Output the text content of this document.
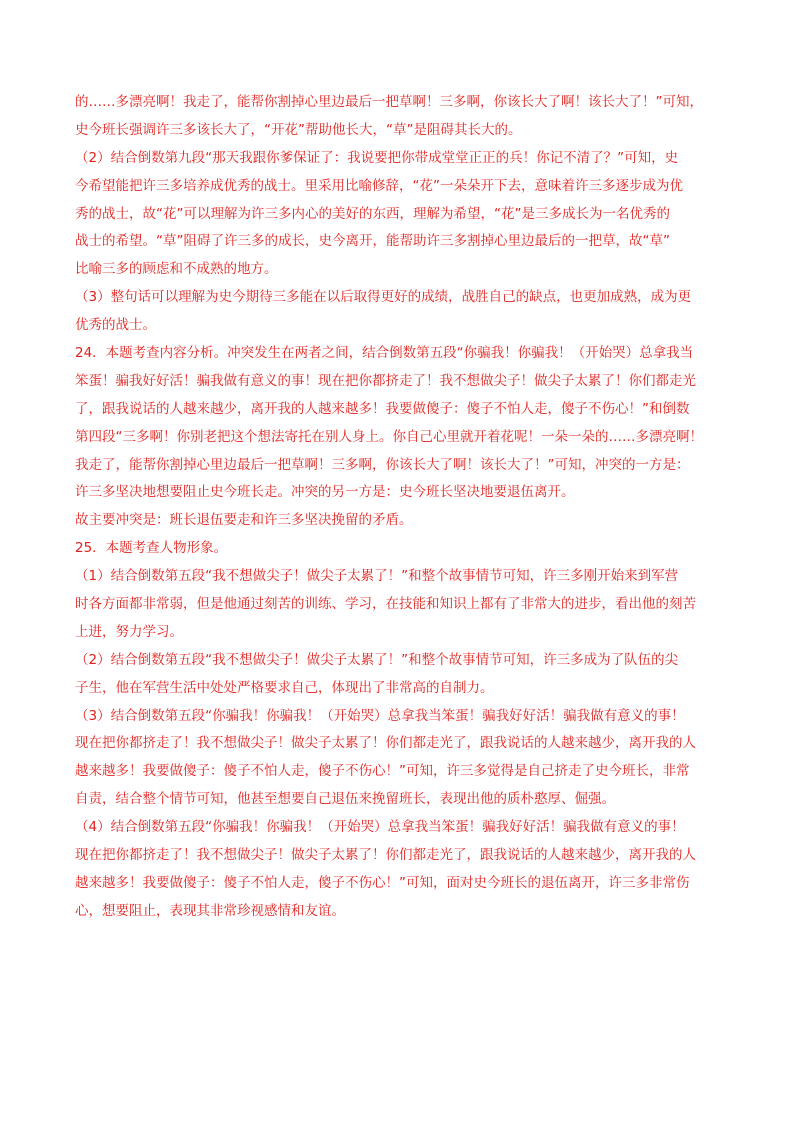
的……多漂亮啊！我走了，能帮你割掉心里边最后一把草啊！三多啊，你该长大了啊！该长大了！”可知，
史今班长强调许三多该长大了，“开花”帮助他长大，“草”是阻碍其长大的。
（2）结合倒数第九段“那天我跟你爹保证了：我说要把你带成堂堂正正的兵！你记不清了？”可知，史
今希望能把许三多培养成优秀的战士。里采用比喻修辞，“花”一朵朵开下去，意味着许三多逐步成为优
秀的战士，故“花”可以理解为许三多内心的美好的东西，理解为希望，“花”是三多成长为一名优秀的
战士的希望。“草”阻碍了许三多的成长，史今离开，能帮助许三多割掉心里边最后的一把草，故“草”
比喻三多的顾虑和不成熟的地方。
（3）整句话可以理解为史今期待三多能在以后取得更好的成绩，战胜自己的缺点，也更加成熟，成为更
优秀的战士。
24．本题考查内容分析。冲突发生在两者之间，结合倒数第五段“你骗我！你骗我！（开始哭）总拿我当
笨蛋！骗我好好活！骗我做有意义的事！现在把你都挤走了！我不想做尖子！做尖子太累了！你们都走光
了，跟我说话的人越来越少，离开我的人越来越多！我要做傻子：傻子不怕人走，傻子不伤心！”和倒数
第四段“三多啊！你别老把这个想法寄托在别人身上。你自己心里就开着花呢！一朵一朵的……多漂亮啊！
我走了，能帮你割掉心里边最后一把草啊！三多啊，你该长大了啊！该长大了！”可知，冲突的一方是：
许三多坚决地想要阻止史今班长走。冲突的另一方是：史今班长坚决地要退伍离开。
故主要冲突是：班长退伍要走和许三多坚决挽留的矛盾。
25．本题考查人物形象。
（1）结合倒数第五段“我不想做尖子！做尖子太累了！”和整个故事情节可知，许三多刚开始来到军营
时各方面都非常弱，但是他通过刻苦的训练、学习，在技能和知识上都有了非常大的进步，看出他的刻苦
上进，努力学习。
（2）结合倒数第五段“我不想做尖子！做尖子太累了！”和整个故事情节可知，许三多成为了队伍的尖
子生，他在军营生活中处处严格要求自己，体现出了非常高的自制力。
（3）结合倒数第五段“你骗我！你骗我！（开始哭）总拿我当笨蛋！骗我好好活！骗我做有意义的事！
现在把你都挤走了！我不想做尖子！做尖子太累了！你们都走光了，跟我说话的人越来越少，离开我的人
越来越多！我要做傻子：傻子不怕人走，傻子不伤心！”可知，许三多觉得是自己挤走了史今班长，非常
自责，结合整个情节可知，他甚至想要自己退伍来挽留班长，表现出他的质朴憨厚、倔强。
（4）结合倒数第五段“你骗我！你骗我！（开始哭）总拿我当笨蛋！骗我好好活！骗我做有意义的事！
现在把你都挤走了！我不想做尖子！做尖子太累了！你们都走光了，跟我说话的人越来越少，离开我的人
越来越多！我要做傻子：傻子不怕人走，傻子不伤心！”可知，面对史今班长的退伍离开，许三多非常伤
心，想要阻止，表现其非常珍视感情和友谊。
